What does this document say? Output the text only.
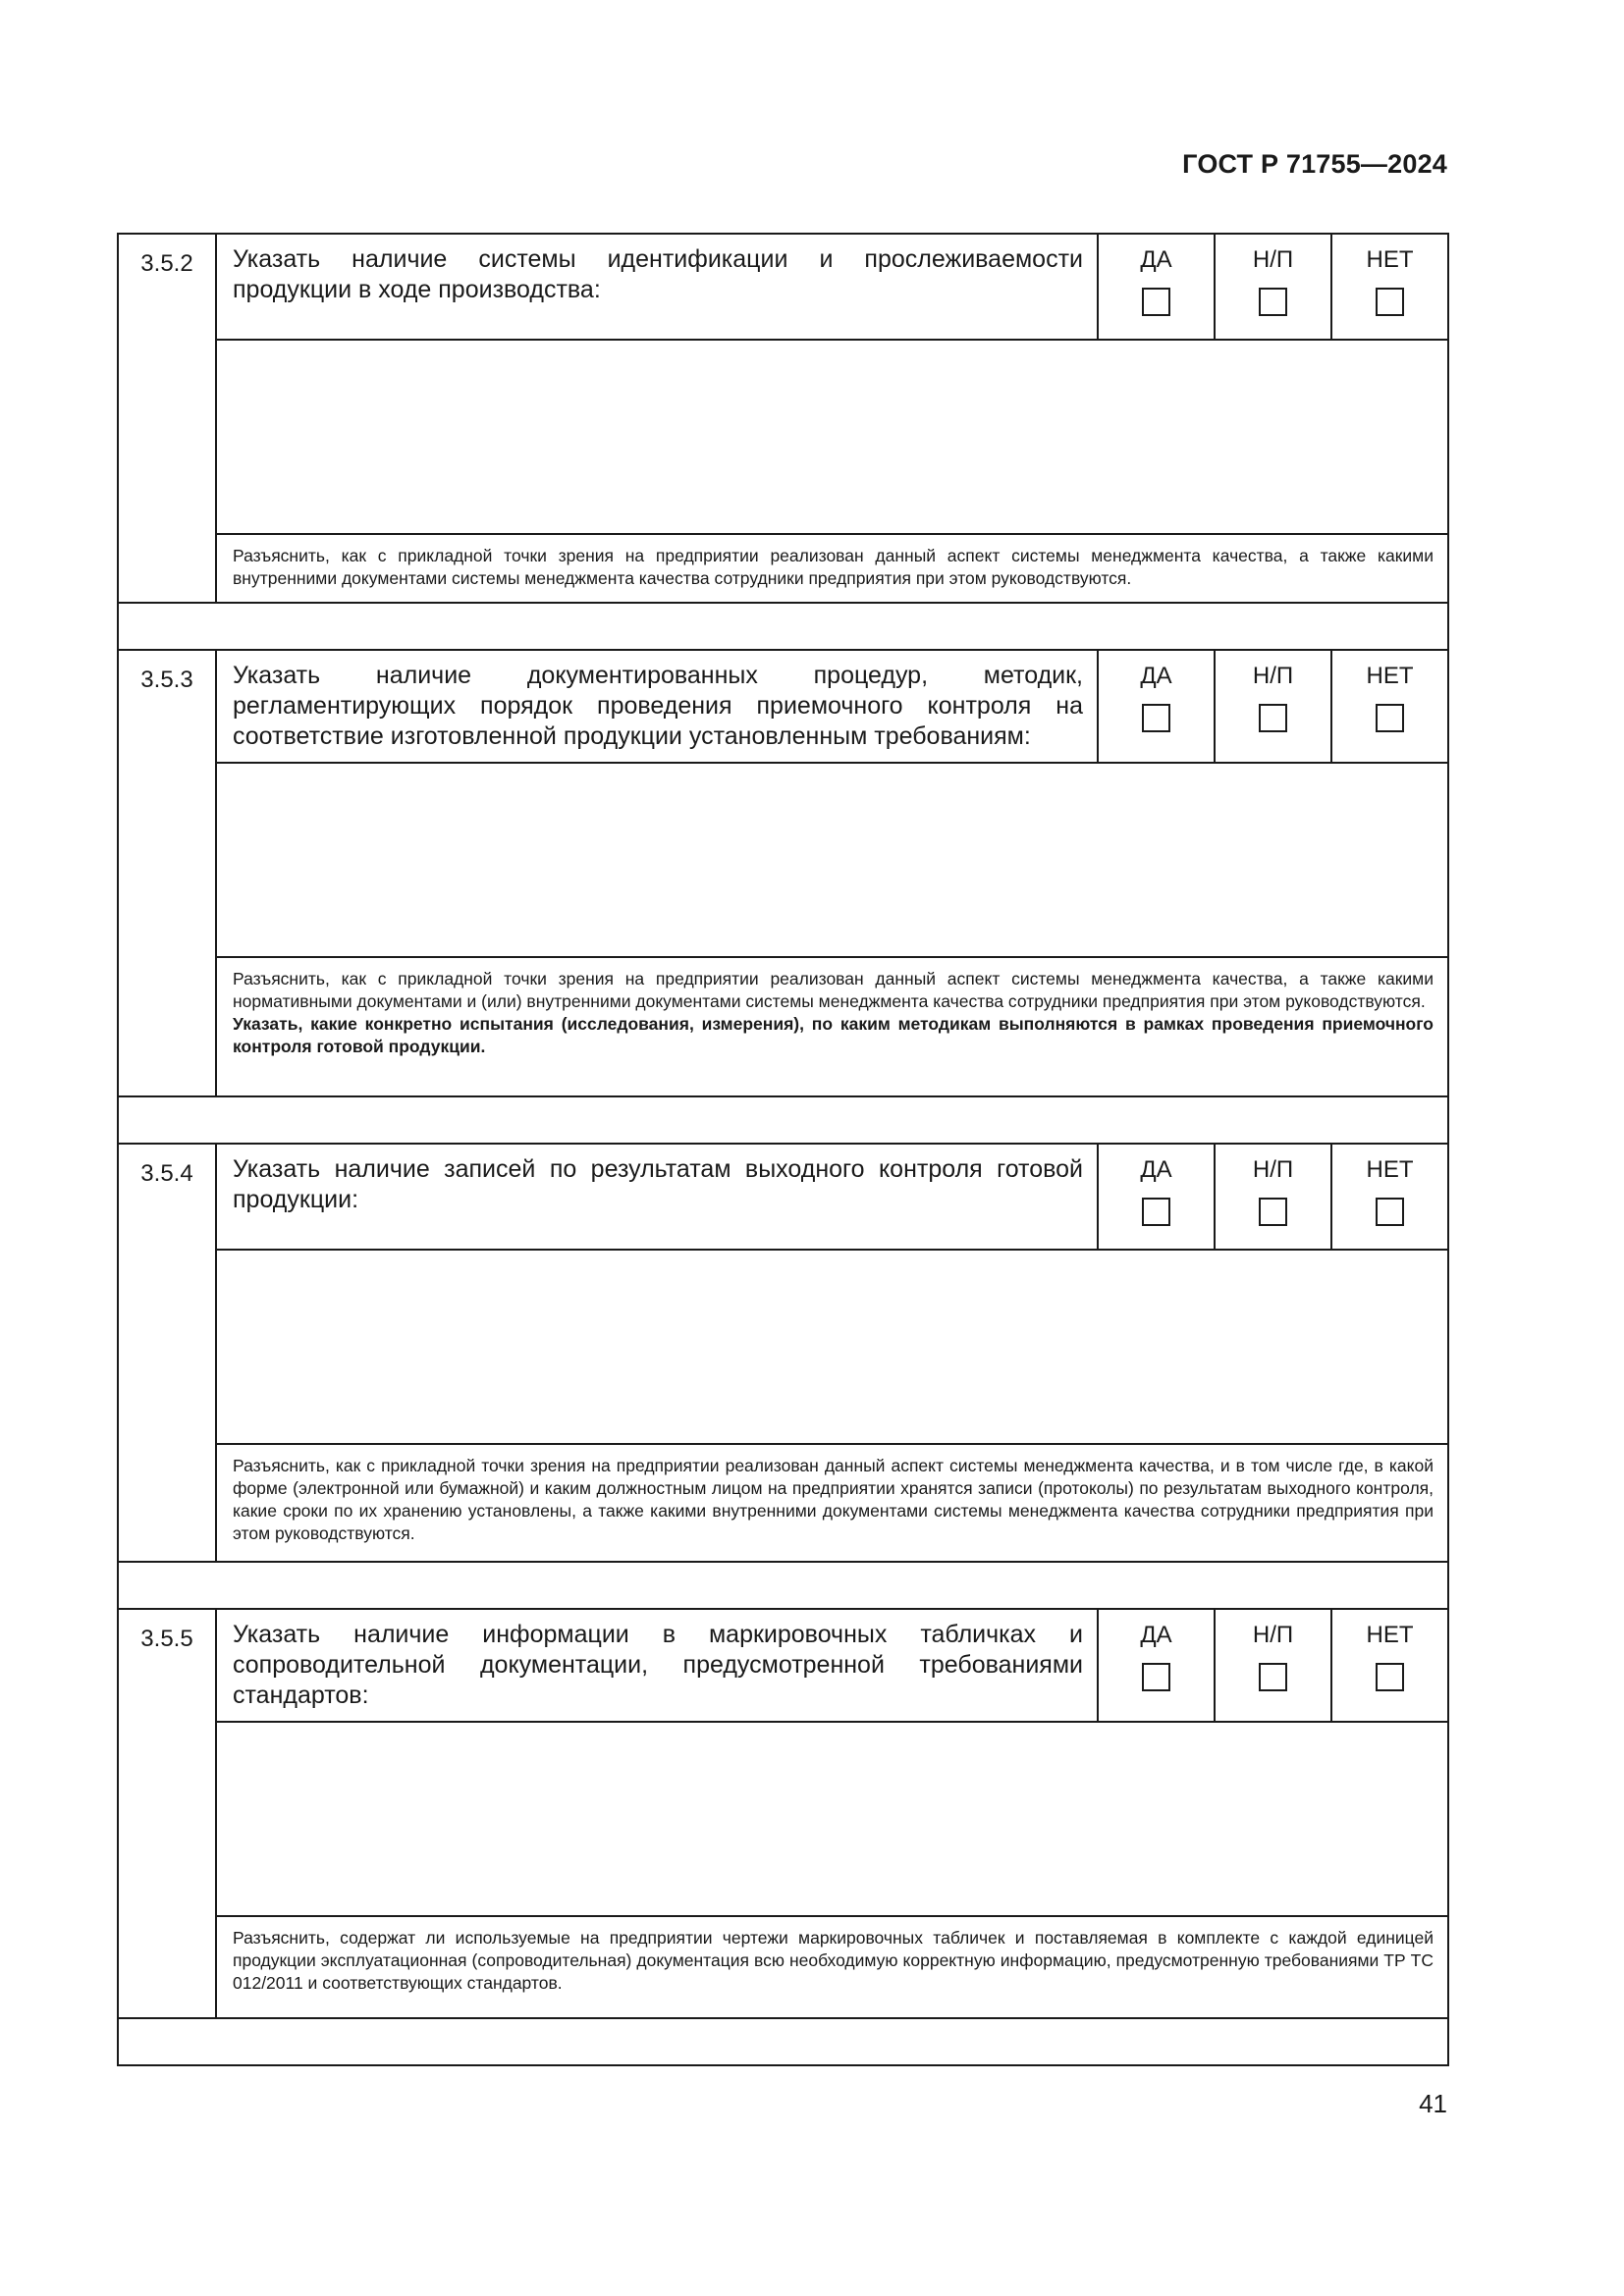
ГОСТ Р 71755—2024
3.5.2	Указать наличие системы идентификации и прослеживаемости продукции в ходе производства:	ДА	Н/П	НЕТ

	Разъяснить, как с прикладной точки зрения на предприятии реализован данный аспект системы менеджмента качества, а также какими внутренними документами системы менеджмента качества сотрудники предприятия при этом руководствуются.			

3.5.3	Указать наличие документированных процедур, методик, регламентирующих порядок проведения приемочного контроля на соответствие изготовленной продукции установленным требованиям:	ДА	Н/П	НЕТ

	Разъяснить, как с прикладной точки зрения на предприятии реализован данный аспект системы менеджмента качества, а также какими нормативными документами и (или) внутренними документами системы менеджмента качества сотрудники предприятия при этом руководствуются.
Указать, какие конкретно испытания (исследования, измерения), по каким методикам выполняются в рамках проведения приемочного контроля готовой продукции.			

3.5.4	Указать наличие записей по результатам выходного контроля готовой продукции:	ДА	Н/П	НЕТ

	Разъяснить, как с прикладной точки зрения на предприятии реализован данный аспект системы менеджмента качества, и в том числе где, в какой форме (электронной или бумажной) и каким должностным лицом на предприятии хранятся записи (протоколы) по результатам выходного контроля, какие сроки по их хранению установлены, а также какими внутренними документами системы менеджмента качества сотрудники предприятия при этом руководствуются.			

3.5.5	Указать наличие информации в маркировочных табличках и сопроводительной документации, предусмотренной требованиями стандартов:	ДА	Н/П	НЕТ

	Разъяснить, содержат ли используемые на предприятии чертежи маркировочных табличек и поставляемая в комплекте с каждой единицей продукции эксплуатационная (сопроводительная) документация всю необходимую корректную информацию, предусмотренную требованиями ТР ТС 012/2011 и соответствующих стандартов.			

41
